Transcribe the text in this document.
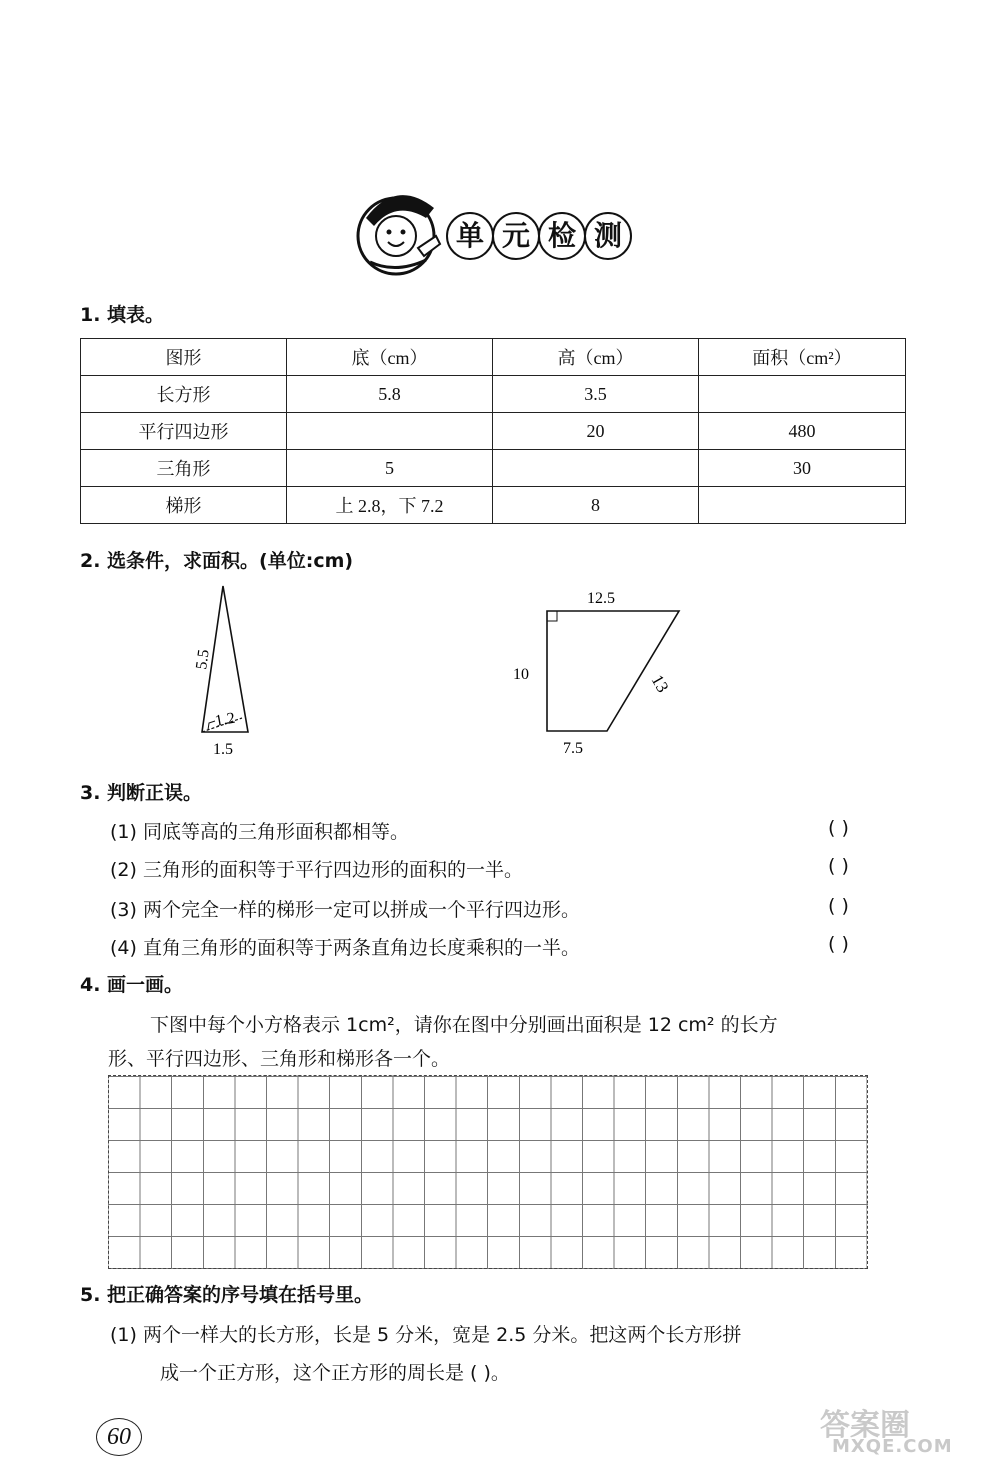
单 元 检 测
1. 填表。
图形	底（cm）	高（cm）	面积（cm²）
长方形	5.8	3.5	
平行四边形		20	480
三角形	5		30
梯形	上 2.8，下 7.2	8	
2. 选条件，求面积。(单位:cm)
5.5
1.2
1.5
12.5
10	13
7.5
3. 判断正误。
(1) 同底等高的三角形面积都相等。	( )
(2) 三角形的面积等于平行四边形的面积的一半。	( )
(3) 两个完全一样的梯形一定可以拼成一个平行四边形。	( )
(4) 直角三角形的面积等于两条直角边长度乘积的一半。	( )
4. 画一画。
下图中每个小方格表示 1cm²，请你在图中分别画出面积是 12 cm² 的长方
形、平行四边形、三角形和梯形各一个。
5. 把正确答案的序号填在括号里。
(1) 两个一样大的长方形，长是 5 分米，宽是 2.5 分米。把这两个长方形拼
成一个正方形，这个正方形的周长是 ( )。
60	答案圈
MXQE.COM
